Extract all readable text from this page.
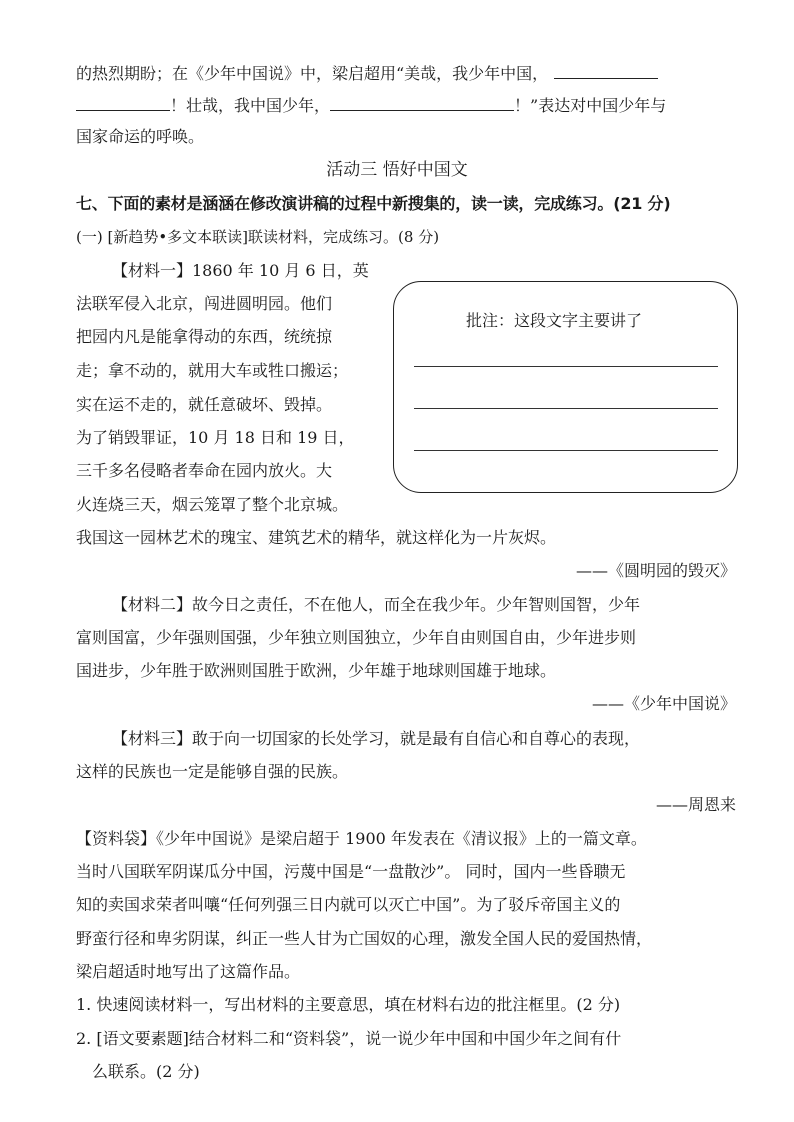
的热烈期盼；在《少年中国说》中，梁启超用“美哉，我少年中国，
！壮哉，我中国少年，	！”表达对中国少年与
国家命运的呼唤。
活动三 悟好中国文
七、下面的素材是涵涵在修改演讲稿的过程中新搜集的，读一读，完成练习。(21 分)
(一) [新趋势•多文本联读]联读材料，完成练习。(8 分)
【材料一】1860 年 10 月 6 日，英
法联军侵入北京，闯进圆明园。他们
把园内凡是能拿得动的东西，统统掠
走；拿不动的，就用大车或牲口搬运；
实在运不走的，就任意破坏、毁掉。
为了销毁罪证，10 月 18 日和 19 日，
三千多名侵略者奉命在园内放火。大
火连烧三天，烟云笼罩了整个北京城。
我国这一园林艺术的瑰宝、建筑艺术的精华，就这样化为一片灰烬。
——《圆明园的毁灭》
批注：这段文字主要讲了
【材料二】故今日之责任，不在他人，而全在我少年。少年智则国智，少年
富则国富，少年强则国强，少年独立则国独立，少年自由则国自由，少年进步则
国进步，少年胜于欧洲则国胜于欧洲，少年雄于地球则国雄于地球。
——《少年中国说》
【材料三】敢于向一切国家的长处学习，就是最有自信心和自尊心的表现，
这样的民族也一定是能够自强的民族。
——周恩来
【资料袋】《少年中国说》是梁启超于 1900 年发表在《清议报》上的一篇文章。
当时八国联军阴谋瓜分中国，污蔑中国是“一盘散沙”。 同时，国内一些昏聩无
知的卖国求荣者叫嚷“任何列强三日内就可以灭亡中国”。为了驳斥帝国主义的
野蛮行径和卑劣阴谋，纠正一些人甘为亡国奴的心理，激发全国人民的爱国热情，
梁启超适时地写出了这篇作品。
1. 快速阅读材料一，写出材料的主要意思，填在材料右边的批注框里。(2 分)
2. [语文要素题]结合材料二和“资料袋”，说一说少年中国和中国少年之间有什
么联系。(2 分)
